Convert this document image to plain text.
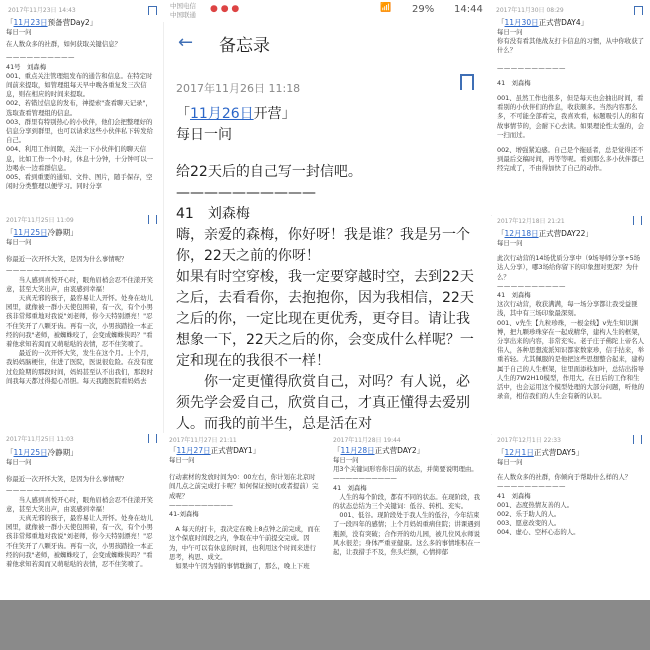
2017年11月23日 14:43
中国电信
中国联通
● ● ●	📶 29% 14:44 2017年11月30日 08:29
「11月23日预备营Day2」

每日一问

在人数众多的社群，如何获取关键信息？

——————————

41号　刘森梅

001、重点关注管理组发布的通告和信息。在特定时间前来提取，如管理组每天早中晚各重复发三次信息，则在相应的时间来提取。

002、若错过信息的发布，神提索"查看聊天记录"，选取查看管理组的信息。

003、群里有特别热心的小伙伴，他们会把整理好的信息分享到群里，也可以请求这些小伙伴私下转发给自己。

004、利用工作间隙，关注一下小伙伴们的聊天信息，比如工作一个小时，休息十分钟，十分钟可以一边喝水一边看群信息。

005、看到重要的通知、文件、图片，随手保存，空闲时分类整理以便学习。同时分享

2017年11月25日 11:09
「11月25日冷静期」

每日一问

你最近一次开怀大笑，是因为什么事情呢？

——————————

　　当人感到喜悦开心时，眼角眉梢会忍不住漾开笑意，甚至大笑出声，由衷感到幸福！

　　天真无邪的孩子，最容易让人开怀。处身在幼儿园里，就像被一群小天使包围着，有一次，有个小男孩非常郑重地对我说"刘老师，你今天特别漂亮！"忍不住笑开了八颗牙齿。再有一次，小男孩踏捡一本正经的问我"老师，被蜘蛛咬了，会变成蜘蛛侠吗？"看着他求知若渴而又萌哒哒的表情，忍不住笑喷了。

　　最近的一次开怀大笑，发生在这个月。上个月，我妈妈脑梗住，住进了医院，医说很危险。在没有度过危险期的那段时间，妈妈甚至认不出我们，那段时间我每天都过得提心吊胆。每天我跑医院看妈妈去

2017年11月25日 11:03
「11月25日冷静期」

每日一问

你最近一次开怀大笑，是因为什么事情呢？

——————————

　　当人感到喜悦开心时，眼角眉梢会忍不住漾开笑意，甚至大笑出声，由衷感到幸福！

　　天真无邪的孩子，最容易让人开怀。处身在幼儿园里，就像被一群小天使包围着，有一次，有个小男孩非常郑重地对我说"刘老师，你今天特别漂亮！"忍不住笑开了八颗牙齿。再有一次，小男孩踏捡一本正经的问我"老师，被蜘蛛咬了，会变成蜘蛛侠吗？"看着他求知若渴而又萌哒哒的表情，忍不住笑喷了。

← 备忘录
2017年11月26日 11:18

「11月26日开营」

每日一问

给22天后的自己写一封信吧。

——————————

41　刘森梅

嗨，亲爱的森梅，你好呀！我是谁？我是另一个你，22天之前的你呀！

如果有时空穿梭，我一定要穿越时空，去到22天之后，去看看你，去抱抱你，因为我相信，22天之后的你，一定比现在更优秀，更夺目。请让我想象一下，22天之后的你，会变成什么样呢？一定和现在的我很不一样！

　　你一定更懂得欣赏自己，对吗？有人说，必须先学会爱自己，欣赏自己，才真正懂得去爱别人。而我的前半生，总是活在对

2017年11月27日 21:11
「11月27日正式营DAY1」

每日一问

行动素材的发放时间为0：00左右，你计划在北京时间几点之前完成打卡呢？如何保证按时(或者提前）完成呢？

——————————

41-刘森梅

　A 每天的打卡，我决定在晚上8点钟之前完成，而在这个保底时间段之内，争取在中午前提交完成。因为，中午可以有休息的时间，也利用这个时间来进行思考，构思、成文。

　如果中午因为别的事情耽搁了，那么，晚上下班

2017年11月28日 19:44
「11月28日正式营DAY2」

每日一问

用3个关键词形容你目前的状态，并简要说明理由。

——————————

41　刘森梅

　人生的每个阶段，都有不同的状态。在现阶段，我的状态总结为三个关键词：低谷、转机、充实。

　001、低谷。现阶段处于我人生的低谷，今年结束了一段四年的感情；上个月妈妈重病住院；讲课遇到瓶颈，没有突破；合作开的幼儿园，被几位风水师说风水很差；身体严重亚健康。这么多的事情堆积在一起，让我措手不及，焦头烂额，心情抑郁

「11月30日正式营DAY4」

每日一问

你有没有看其他战友打卡信息的习惯，从中你收获了什么？

——————————

41　刘森梅

001、虽然工作也很多，但是每天也会抽出时间，看看别的小伙伴们的作息，收获颇多。当然内容那么多，不可能全部看完，我喜欢看，标题吸引人的和有故事情节的，会耐下心去读。如果理论性太强的，会一扫而过。

002、增强紧迫感。自己是个拖延者，总是觉得还不到最后交稿时间，再等等呢。看到那么多小伙伴都已经完成了，不由得加快了自己的动作。

2017年12月18日 21:21
「12月18日正式营DAY22」

每日一问

此次行动营的14场优质分享中（9场导师分享+5场达人分享），哪3场给你留下的印象想对更深？为什么？

——————————

41　刘森梅

这次行动营，收获满满，每一场分享都让我受益匪浅，其中有三场印象最深刻。

001、v先生【九粒珍珠，一根金线】v先生知识渊博，把九颗珍珠穿在一起成精华，建构人生的框架，分享出来的内容，非常充实。老子庄子佛陀上帝名人伟人，各种思想流派知识都家数家珍，信手拈来，举重若轻。尤其佩服的是他把这些思想整合起来，建构属于自己的人生框架，往里面添枝加叶，总结出指导人生的7W2H10模型，作用大。在日后的工作和生活中，也会运用这个模型处理的大部分问题，听他的录音，相信我们的人生会有新的认识。

2017年12月1日 22:33
「12月1日正式营DAY5」

每日一问

在人数众多的社群，你倾向于帮助什么样的人？

——————————

41　刘森梅

001、态度热情友善的人。

002、乐于助人的人。

003、愿意改变的人。

004、虚心、空杯心态的人。
